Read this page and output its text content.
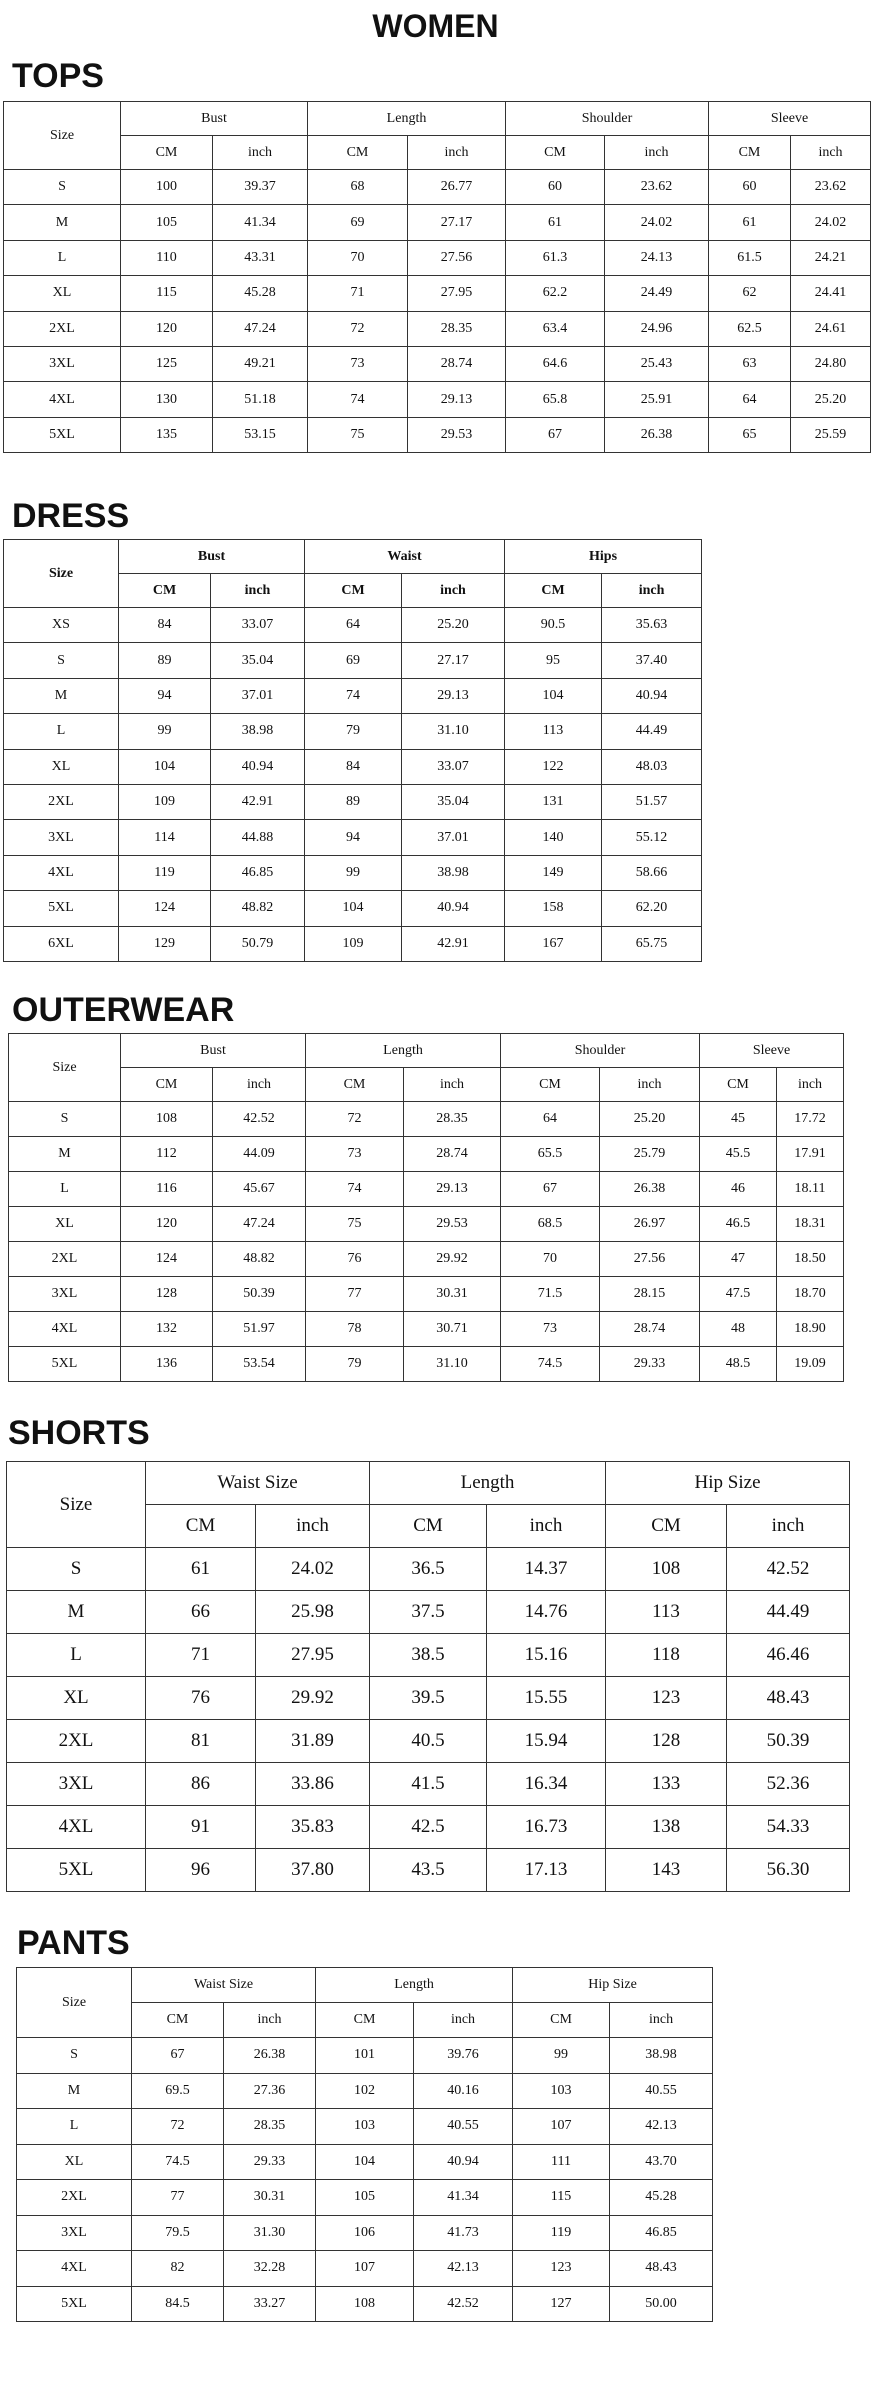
WOMEN
TOPS
Size	Bust		Length		Shoulder		Sleeve	
	CM	inch	CM	inch	CM	inch	CM	inch
S	100	39.37	68	26.77	60	23.62	60	23.62
M	105	41.34	69	27.17	61	24.02	61	24.02
L	110	43.31	70	27.56	61.3	24.13	61.5	24.21
XL	115	45.28	71	27.95	62.2	24.49	62	24.41
2XL	120	47.24	72	28.35	63.4	24.96	62.5	24.61
3XL	125	49.21	73	28.74	64.6	25.43	63	24.80
4XL	130	51.18	74	29.13	65.8	25.91	64	25.20
5XL	135	53.15	75	29.53	67	26.38	65	25.59
DRESS
Size	Bust		Waist		Hips	
	CM	inch	CM	inch	CM	inch
XS	84	33.07	64	25.20	90.5	35.63
S	89	35.04	69	27.17	95	37.40
M	94	37.01	74	29.13	104	40.94
L	99	38.98	79	31.10	113	44.49
XL	104	40.94	84	33.07	122	48.03
2XL	109	42.91	89	35.04	131	51.57
3XL	114	44.88	94	37.01	140	55.12
4XL	119	46.85	99	38.98	149	58.66
5XL	124	48.82	104	40.94	158	62.20
6XL	129	50.79	109	42.91	167	65.75
OUTERWEAR
Size	Bust		Length		Shoulder		Sleeve	
	CM	inch	CM	inch	CM	inch	CM	inch
S	108	42.52	72	28.35	64	25.20	45	17.72
M	112	44.09	73	28.74	65.5	25.79	45.5	17.91
L	116	45.67	74	29.13	67	26.38	46	18.11
XL	120	47.24	75	29.53	68.5	26.97	46.5	18.31
2XL	124	48.82	76	29.92	70	27.56	47	18.50
3XL	128	50.39	77	30.31	71.5	28.15	47.5	18.70
4XL	132	51.97	78	30.71	73	28.74	48	18.90
5XL	136	53.54	79	31.10	74.5	29.33	48.5	19.09
SHORTS
Size	Waist Size		Length		Hip Size	
	CM	inch	CM	inch	CM	inch
S	61	24.02	36.5	14.37	108	42.52
M	66	25.98	37.5	14.76	113	44.49
L	71	27.95	38.5	15.16	118	46.46
XL	76	29.92	39.5	15.55	123	48.43
2XL	81	31.89	40.5	15.94	128	50.39
3XL	86	33.86	41.5	16.34	133	52.36
4XL	91	35.83	42.5	16.73	138	54.33
5XL	96	37.80	43.5	17.13	143	56.30
PANTS
Size	Waist Size		Length		Hip Size	
	CM	inch	CM	inch	CM	inch
S	67	26.38	101	39.76	99	38.98
M	69.5	27.36	102	40.16	103	40.55
L	72	28.35	103	40.55	107	42.13
XL	74.5	29.33	104	40.94	111	43.70
2XL	77	30.31	105	41.34	115	45.28
3XL	79.5	31.30	106	41.73	119	46.85
4XL	82	32.28	107	42.13	123	48.43
5XL	84.5	33.27	108	42.52	127	50.00
